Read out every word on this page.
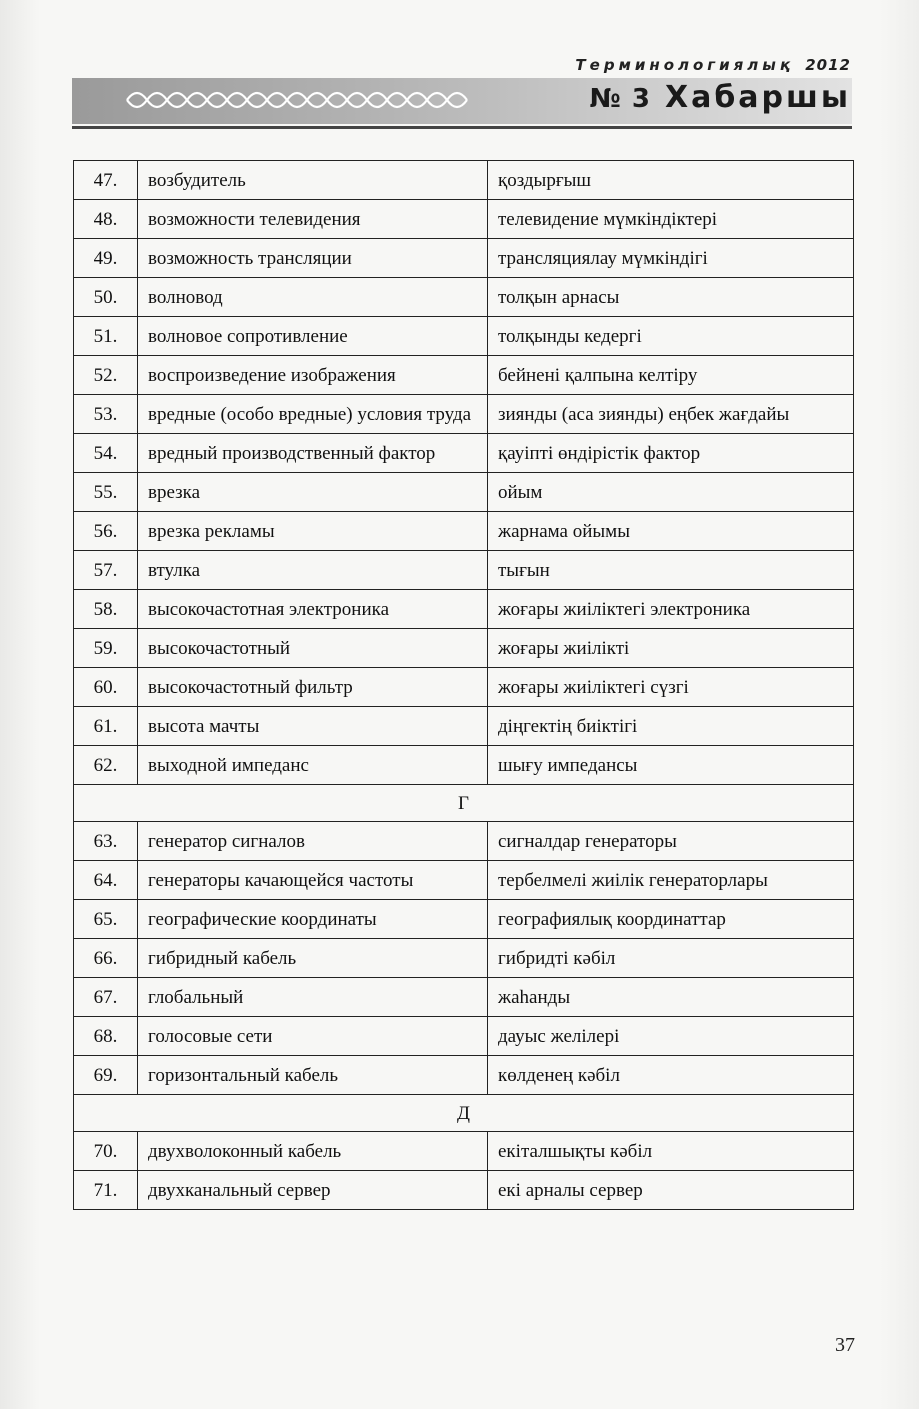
Терминологиялық 2012
№ 3 Хабаршы
47.	возбудитель	қоздырғыш
48.	возможности телевидения	телевидение мүмкіндіктері
49.	возможность трансляции	трансляциялау мүмкіндігі
50.	волновод	толқын арнасы
51.	волновое сопротивление	толқынды кедергі
52.	воспроизведение изображения	бейнені қалпына келтіру
53.	вредные (особо вредные) условия труда	зиянды (аса зиянды) еңбек жағдайы
54.	вредный производственный фактор	қауіпті өндірістік фактор
55.	врезка	ойым
56.	врезка рекламы	жарнама ойымы
57.	втулка	тығын
58.	высокочастотная электроника	жоғары жиіліктегі электроника
59.	высокочастотный	жоғары жиілікті
60.	высокочастотный фильтр	жоғары жиіліктегі сүзгі
61.	высота мачты	діңгектің биіктігі
62.	выходной импеданс	шығу импедансы
Г		
63.	генератор сигналов	сигналдар генераторы
64.	генераторы качающейся частоты	тербелмелі жиілік генераторлары
65.	географические координаты	географиялық координаттар
66.	гибридный кабель	гибридті кәбіл
67.	глобальный	жаһанды
68.	голосовые сети	дауыс желілері
69.	горизонтальный кабель	көлденең кәбіл
Д		
70.	двухволоконный кабель	екіталшықты кәбіл
71.	двухканальный сервер	екі арналы сервер
37
